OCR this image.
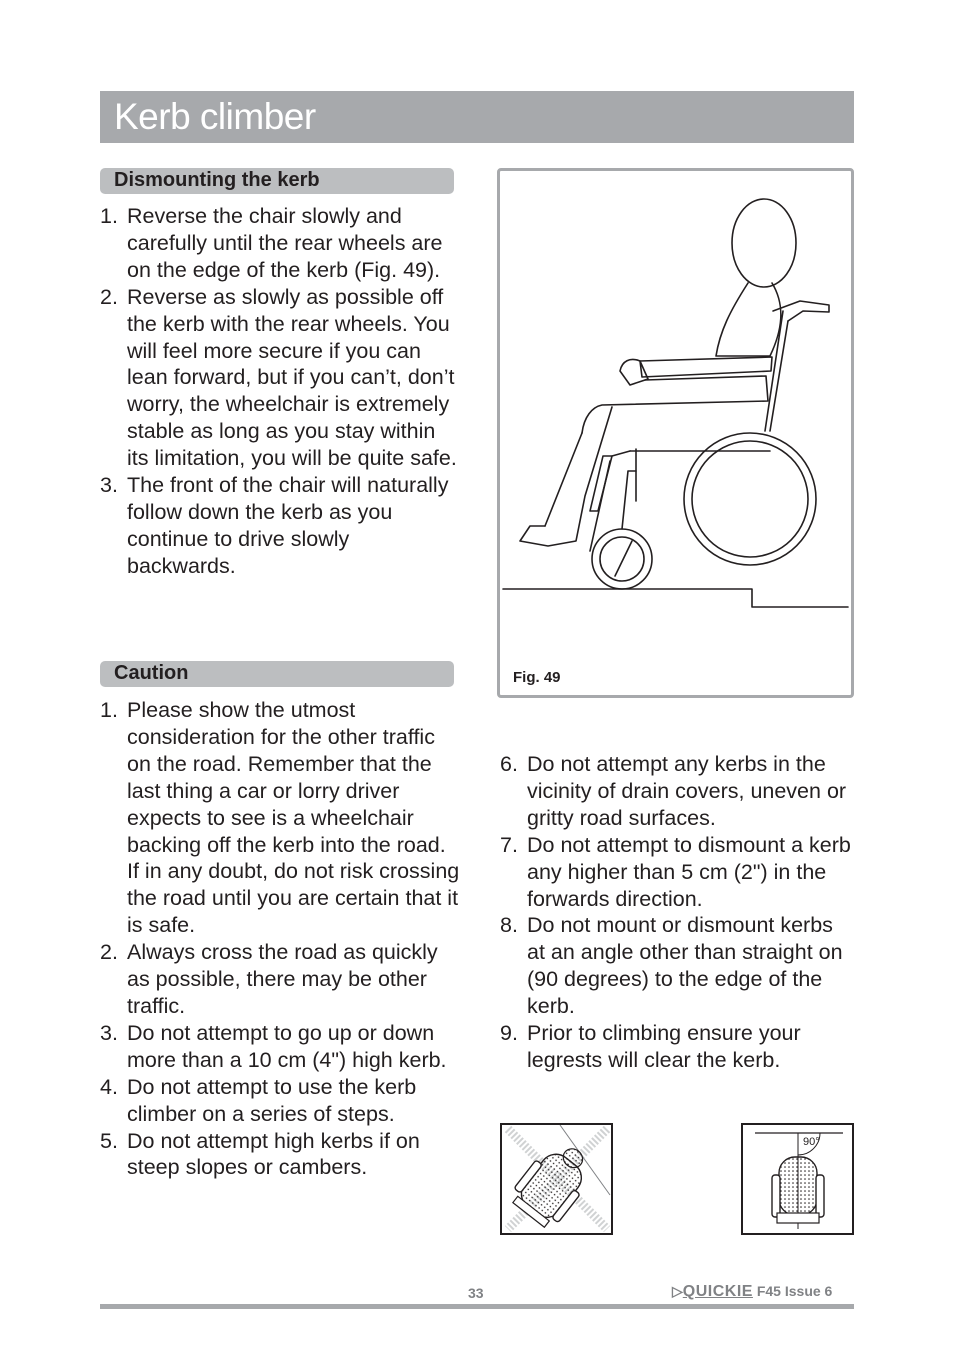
Kerb climber
Dismounting the kerb
1. Reverse the chair slowly and carefully until the rear wheels are on the edge of the kerb (Fig. 49).
2. Reverse as slowly as possible off the kerb with the rear wheels. You will feel more secure if you can lean forward, but if you can’t, don’t worry, the wheelchair is extremely stable as long as you stay within its limitation, you will be quite safe.
3. The front of the chair will naturally follow down the kerb as you continue to drive slowly backwards.
Caution
1. Please show the utmost consideration for the other traffic on the road. Remember that the last thing a car or lorry driver expects to see is a wheelchair backing off the kerb into the road. If in any doubt, do not risk crossing the road until you are certain that it is safe.
2. Always cross the road as quickly as possible, there may be other traffic.
3. Do not attempt to go up or down more than a 10 cm (4") high kerb.
4. Do not attempt to use the kerb climber on a series of steps.
5. Do not attempt high kerbs if on steep slopes or cambers.
Fig. 49
6. Do not attempt any kerbs in the vicinity of drain covers, uneven or gritty road surfaces.
7. Do not attempt to dismount a kerb any higher than 5 cm (2") in the forwards direction.
8. Do not mount or dismount kerbs at an angle other than straight on (90 degrees) to the edge of the kerb.
9. Prior to climbing ensure your legrests will clear the kerb.
90°
33	▷QUICKIE F45 Issue 6
